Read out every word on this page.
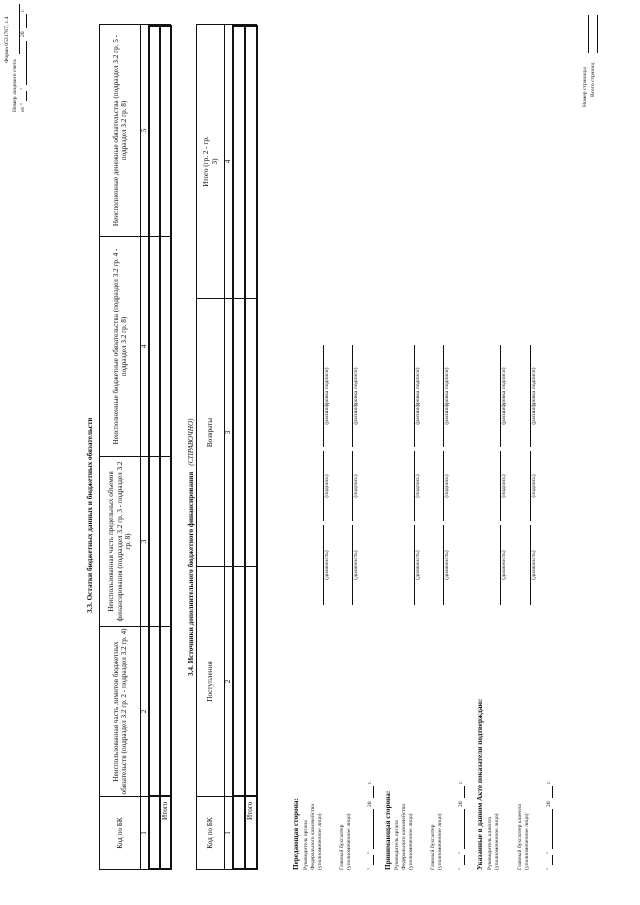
Форма 0531767, с.4
Номер лицевого счета от "
"
20
г.
3.3. Остатки бюджетных данных и бюджетных обязательств
Код по БК
Неиспользованная часть лимитов бюджетных обязательств (подраздел 3.2 гр. 2 - подраздел 3.2 гр. 4)
Неиспользованная часть предельных объемов финансирования (подраздел 3.2 гр. 3 - подраздел 3.2 гр. 8)
Неисполненные бюджетные обязательства (подраздел 3.2 гр. 4 - подраздел 3.2 гр. 8)
Неисполненные денежные обязательства (подраздел 3.2 гр. 5 - подраздел 3.2 гр. 8)
1
2
3
4
5
Итого
3.4. Источники дополнительного бюджетного финансирования (СПРАВОЧНО)
Код по БК
Поступления
Возвраты
Итого (гр. 2 - гр. 3)
1
2
3
4
Итого	Передающая сторона: Руководитель органа Федерального казначейства (уполномоченное лицо)
(должность)
(подпись)
(расшифровка подписи)
Главный бухгалтер (уполномоченное лицо)
(должность)
(подпись)
(расшифровка подписи)
"
"
20
г.
Принимающая сторона: Руководитель органа Федерального казначейства (уполномоченное лицо)
(должность)
(подпись)
(расшифровка подписи)
Главный бухгалтер (уполномоченное лицо)
(должность)
(подпись)
(расшифровка подписи)
"
"
20
г. Указанные в данном Акте показатели подтверждаю: Руководитель клиента (уполномоченное лицо)
(должность)
(подпись)
(расшифровка подписи)
Главный бухгалтер клиента (уполномоченное лицо)
(должность)
(подпись)
(расшифровка подписи)
"
"
20
г.
Номер страницы Всего страниц
